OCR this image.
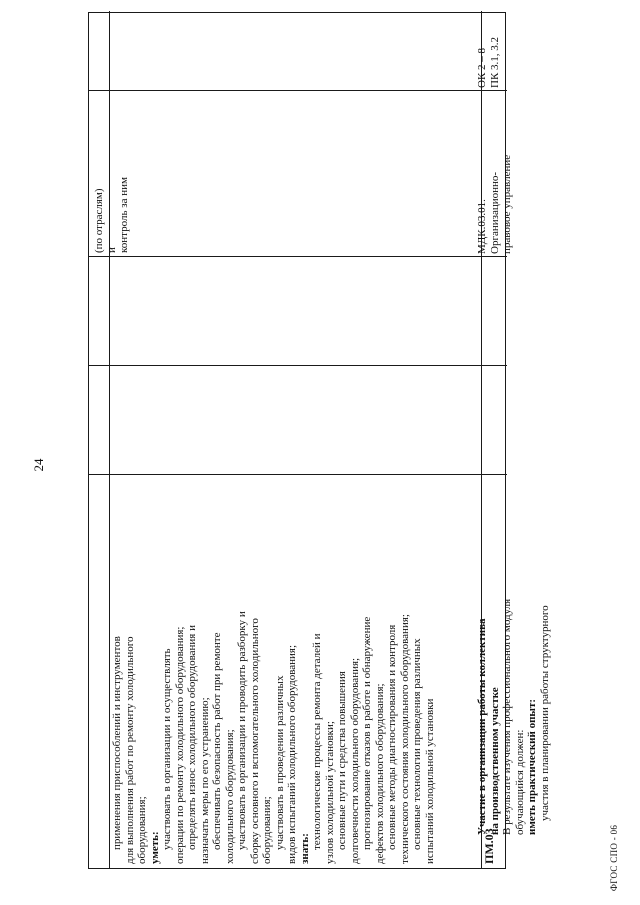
24
ФГОС СПО - 06
применения приспособлений и инструментов для выполнения работ по ремонту холодильного оборудования; уметь: участвовать в организации и осуществлять операции по ремонту холодильного оборудования; определять износ холодильного оборудования и назначать меры по его устранению; обеспечивать безопасность работ при ремонте холодильного оборудования; участвовать в организации и проводить разборку и сборку основного и вспомогательного холодильного оборудования; участвовать в проведении различных видов испытаний холодильного оборудования; знать: технологические процессы ремонта деталей и узлов холодильной установки; основные пути и средства повышения долговечности холодильного оборудования; прогнозирование отказов в работе и обнаружение дефектов холодильного оборудования; основные методы диагностирования и контроля технического состояния холодильного оборудования; основные технологии проведения различных испытаний холодильной установки
(по отраслям) и контроль за ним
ПМ.03
Участие в организации работы коллектива на производственном участке В результате изучения профессионального модуля обучающийся должен: иметь практический опыт: участия в планировании работы структурного
МДК.03.01. Организационно- правовое управление
ОК 2 – 8 ПК 3.1, 3.2
